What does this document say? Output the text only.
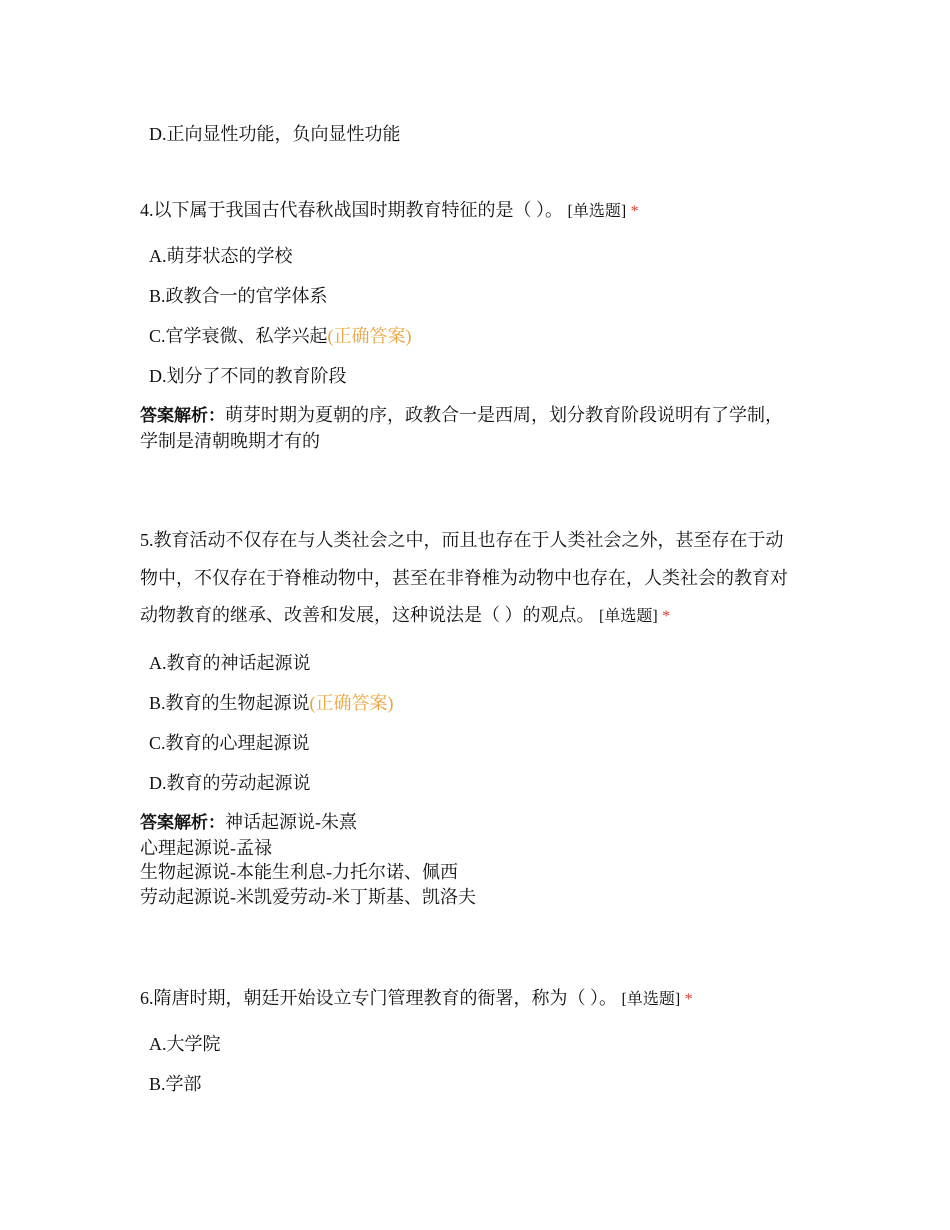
D.正向显性功能，负向显性功能
4.以下属于我国古代春秋战国时期教育特征的是（ ）。 [单选题] *
A.萌芽状态的学校
B.政教合一的官学体系
C.官学衰微、私学兴起(正确答案)
D.划分了不同的教育阶段
答案解析：萌芽时期为夏朝的序，政教合一是西周，划分教育阶段说明有了学制，
学制是清朝晚期才有的
5.教育活动不仅存在与人类社会之中，而且也存在于人类社会之外，甚至存在于动
物中，不仅存在于脊椎动物中，甚至在非脊椎为动物中也存在，人类社会的教育对
动物教育的继承、改善和发展，这种说法是（ ）的观点。 [单选题] *
A.教育的神话起源说
B.教育的生物起源说(正确答案)
C.教育的心理起源说
D.教育的劳动起源说
答案解析：神话起源说-朱熹
心理起源说-孟禄
生物起源说-本能生利息-力托尔诺、佩西
劳动起源说-米凯爱劳动-米丁斯基、凯洛夫
6.隋唐时期，朝廷开始设立专门管理教育的衙署，称为（ ）。 [单选题] *
A.大学院
B.学部
